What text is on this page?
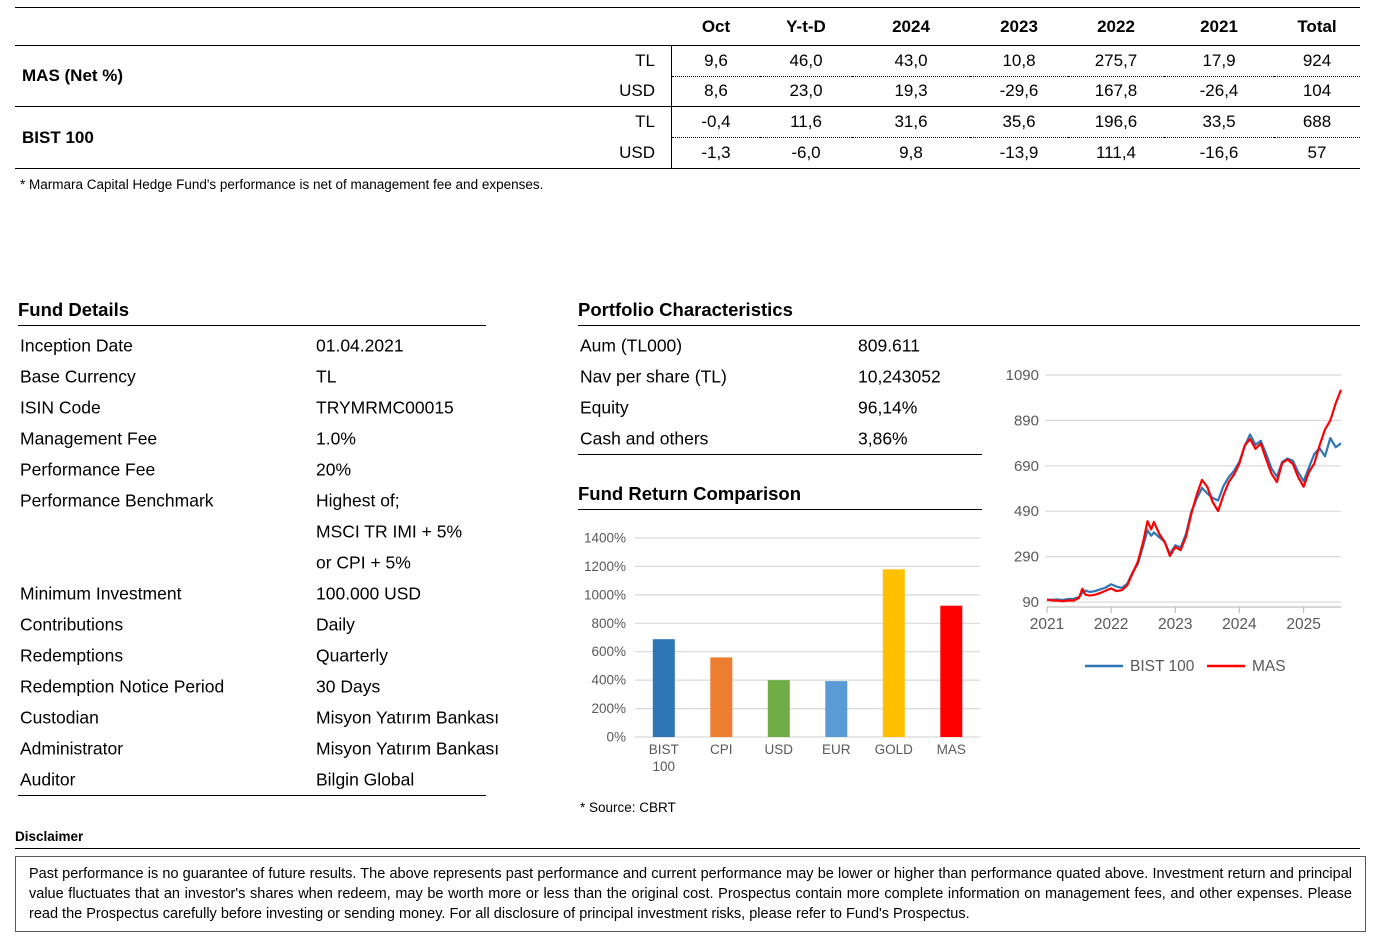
Oct	Y-t-D	2024	2023	2022	2021	Total
MAS (Net %)
TL	9,6	46,0	43,0	10,8	275,7	17,9	924
USD	8,6	23,0	19,3	-29,6	167,8	-26,4	104
BIST 100
TL	-0,4	11,6	31,6	35,6	196,6	33,5	688
USD	-1,3	-6,0	9,8	-13,9	111,4	-16,6	57
* Marmara Capital Hedge Fund's performance is net of management fee and expenses.
Fund Details
Inception Date	01.04.2021
Base Currency	TL
ISIN Code	TRYMRMC00015
Management Fee	1.0%
Performance Fee	20%
Performance Benchmark	Highest of;
MSCI TR IMI + 5%
or CPI + 5%
Minimum Investment	100.000 USD
Contributions	Daily
Redemptions	Quarterly
Redemption Notice Period	30 Days
Custodian	Misyon Yatırım Bankası
Administrator	Misyon Yatırım Bankası
Auditor	Bilgin Global
Portfolio Characteristics
Aum (TL000)	809.611
Nav per share (TL)	10,243052
Equity	96,14%
Cash and others	3,86%
Fund Return Comparison
0%
200%
400%
600%
800%
1000%
1200%
1400%
BIST
100
CPI USD EUR GOLD MAS
* Source: CBRT
90
290
490
690
890
1090
2021 2022 2023 2024 2025
BIST 100	MAS
Disclaimer
Past performance is no guarantee of future results. The above represents past performance and current performance may be lower or higher than performance quated above. Investment return and principal value fluctuates that an investor's shares when redeem, may be worth more or less than the original cost. Prospectus contain more complete information on management fees, and other expenses. Please read the Prospectus carefully before investing or sending money. For all disclosure of principal investment risks, please refer to Fund's Prospectus.
